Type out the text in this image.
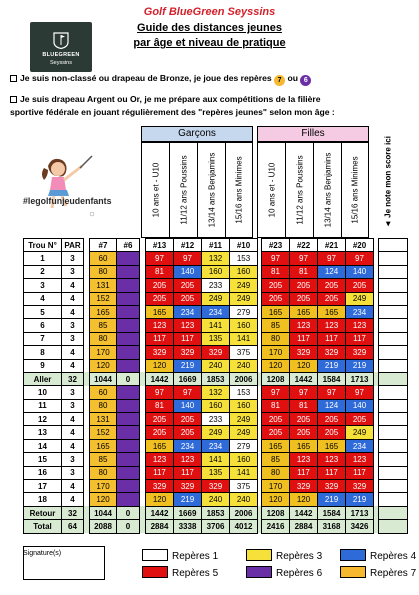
BLUEGREEN
Seyssins
Golf BlueGreen Seyssins
Guide des distances jeunes
par âge et niveau de pratique
Je suis non-classé ou drapeau de Bronze, je joue des repères 7 ou 6
Je suis drapeau Argent ou Or, je me prépare aux compétitions de la filière
sportive fédérale en jouant régulièrement des "repères jeunes" selon mon âge :
#legolfunjeudenfants
Garçons	Filles
10 ans et - U10 11/12 ans Poussins 13/14 ans Benjamins 15/16 ans Minimes	10 ans et - U10 11/12 ans Poussins 13/14 ans Benjamins 15/16 ans Minimes	◄ Je note mon score ici
Trou N°	PAR		#7	#6		#13	#12	#11	#10		#23	#22	#21	#20		
1	3		60			97	97	132	153		97	97	97	97		
2	3		80			81	140	160	160		81	81	124	140		
3	4		131			205	205	233	249		205	205	205	205		
4	4		152			205	205	249	249		205	205	205	249		
5	4		165			165	234	234	279		165	165	165	234		
6	3		85			123	123	141	160		85	123	123	123		
7	3		80			117	117	135	141		80	117	117	117		
8	4		170			329	329	329	375		170	329	329	329		
9	4		120			120	219	240	240		120	120	219	219		
Aller	32		1044	0		1442	1669	1853	2006		1208	1442	1584	1713		
10	3		60			97	97	132	153		97	97	97	97		
11	3		80			81	140	160	160		81	81	124	140		
12	4		131			205	205	233	249		205	205	205	205		
13	4		152			205	205	249	249		205	205	205	249		
14	4		165			165	234	234	279		165	165	165	234		
15	3		85			123	123	141	160		85	123	123	123		
16	3		80			117	117	135	141		80	117	117	117		
17	4		170			329	329	329	375		170	329	329	329		
18	4		120			120	219	240	240		120	120	219	219		
Retour	32		1044	0		1442	1669	1853	2006		1208	1442	1584	1713		
Total	64		2088	0		2884	3338	3706	4012		2416	2884	3168	3426		
Signature(s)	Repères 1	Repères 3	Repères 4
Repères 5	Repères 6	Repères 7
